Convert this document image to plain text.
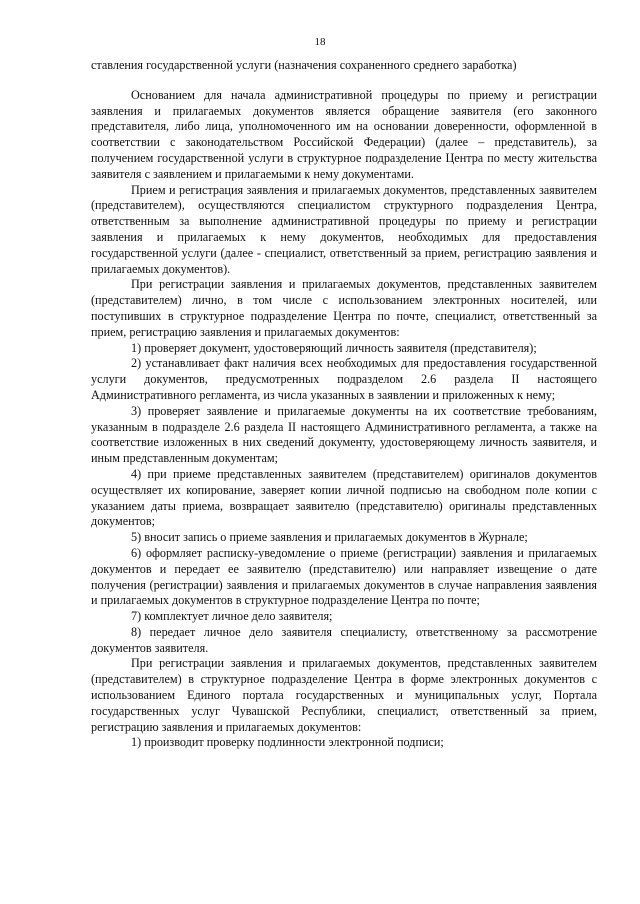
18

ставления государственной услуги (назначения сохраненного среднего заработка)

Основанием для начала административной процедуры по приему и регистрации заявления и прилагаемых документов является обращение заявителя (его законного представителя, либо лица, уполномоченного им на основании доверенности, оформленной в соответствии с законодательством Российской Федерации) (далее – представитель), за получением государственной услуги в структурное подразделение Центра по месту жительства заявителя с заявлением и прилагаемыми к нему документами.

Прием и регистрация заявления и прилагаемых документов, представленных заявителем (представителем), осуществляются специалистом структурного подразделения Центра, ответственным за выполнение административной процедуры по приему и регистрации заявления и прилагаемых к нему документов, необходимых для предоставления государственной услуги (далее - специалист, ответственный за прием, регистрацию заявления и прилагаемых документов).

При регистрации заявления и прилагаемых документов, представленных заявителем (представителем) лично, в том числе с использованием электронных носителей, или поступивших в структурное подразделение Центра по почте, специалист, ответственный за прием, регистрацию заявления и прилагаемых документов:

1) проверяет документ, удостоверяющий личность заявителя (представителя);

2) устанавливает факт наличия всех необходимых для предоставления государственной услуги документов, предусмотренных подразделом 2.6 раздела II настоящего Административного регламента, из числа указанных в заявлении и приложенных к нему;

3) проверяет заявление и прилагаемые документы на их соответствие требованиям, указанным в подразделе 2.6 раздела II настоящего Административного регламента, а также на соответствие изложенных в них сведений документу, удостоверяющему личность заявителя, и иным представленным документам;

4) при приеме представленных заявителем (представителем) оригиналов документов осуществляет их копирование, заверяет копии личной подписью на свободном поле копии с указанием даты приема, возвращает заявителю (представителю) оригиналы представленных документов;

5) вносит запись о приеме заявления и прилагаемых документов в Журнале;

6) оформляет расписку-уведомление о приеме (регистрации) заявления и прилагаемых документов и передает ее заявителю (представителю) или направляет извещение о дате получения (регистрации) заявления и прилагаемых документов в случае направления заявления и прилагаемых документов в структурное подразделение Центра по почте;

7) комплектует личное дело заявителя;

8) передает личное дело заявителя специалисту, ответственному за рассмотрение документов заявителя.

При регистрации заявления и прилагаемых документов, представленных заявителем (представителем) в структурное подразделение Центра в форме электронных документов с использованием Единого портала государственных и муниципальных услуг, Портала государственных услуг Чувашской Республики, специалист, ответственный за прием, регистрацию заявления и прилагаемых документов:

1) производит проверку подлинности электронной подписи;
